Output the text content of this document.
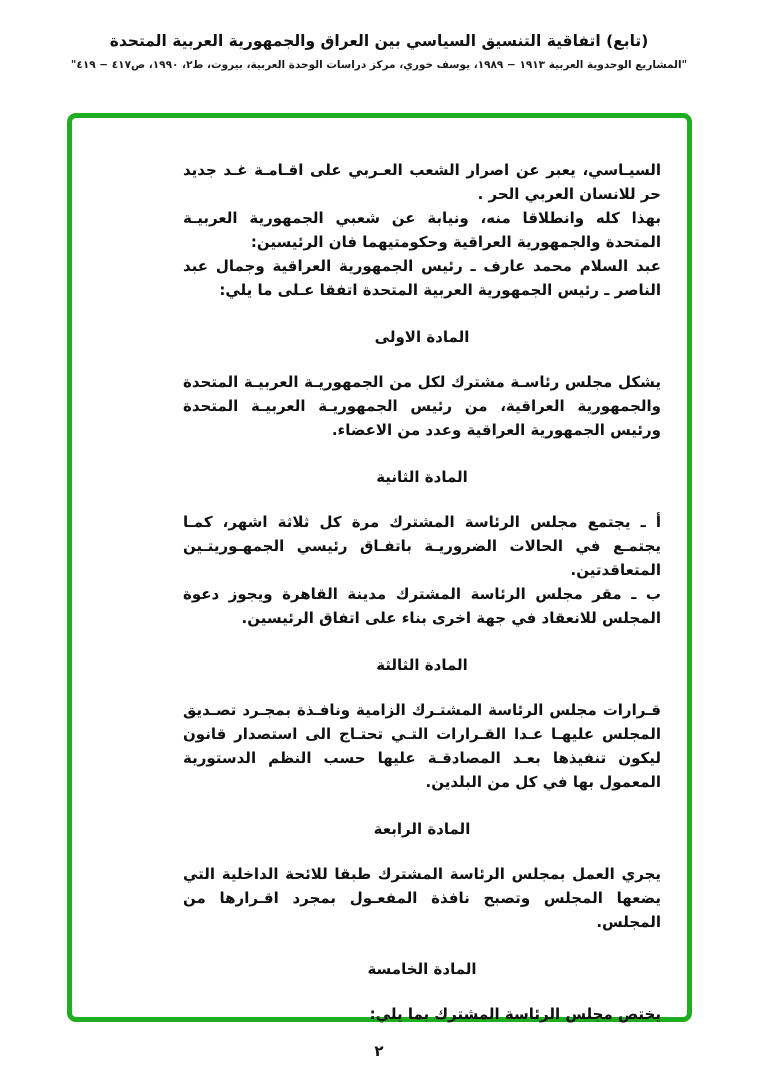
(تابع) اتفاقية التنسيق السياسي بين العراق والجمهورية العربية المتحدة
"المشاريع الوحدوية العربية ١٩١٣ − ١٩٨٩، يوسف خوري، مركز دراسات الوحدة العربية، بيروت، ط٢، ١٩٩٠، ص٤١٧ − ٤١٩"

السيـاسي، يعبر عن اصرار الشعب العـربي على اقـامـة غـد جديد حر للانسان العربي الحر .

بهذا كله وانطلاقا منه، ونيابة عن شعبي الجمهورية العربيـة المتحدة والجمهورية العراقية وحكومتيهما فان الرئيسين:

عبد السلام محمد عارف ـ رئيس الجمهورية العراقية وجمال عبد الناصر ـ رئيس الجمهورية العربية المتحدة اتفقا عـلى ما يلي:

المادة الاولى

يشكل مجلس رئاسـة مشترك لكل من الجمهوريـة العربيـة المتحدة والجمهورية العراقية، من رئيس الجمهوريـة العربيـة المتحدة ورئيس الجمهورية العراقية وعدد من الاعضاء.

المادة الثانية

أ ـ يجتمع مجلس الرئاسة المشترك مرة كل ثلاثة اشهر، كمـا يجتمـع في الحالات الضروريـة باتفـاق رئيسي الجمهـوريتـين المتعاقدتين.

ب ـ مقر مجلس الرئاسة المشترك مدينة القاهرة ويجوز دعوة المجلس للانعقاد في جهة اخرى بناء على اتفاق الرئيسين.

المادة الثالثة

قـرارات مجلس الرئاسة المشتـرك الزامية ونافـذة بمجـرد تصـديق المجلس عليهـا عـدا القـرارات التـي تحتـاج الى استصدار قانون ليكون تنفيذها بعـد المصادقـة عليها حسب النظم الدستورية المعمول بها في كل من البلدين.

المادة الرابعة

يجري العمل بمجلس الرئاسة المشترك طبقا للائحة الداخلية التي يضعها المجلس وتصبح نافذة المفعـول بمجرد اقـرارها من المجلس.

المادة الخامسة

يختص مجلس الرئاسة المشترك بما يلي:

٢
